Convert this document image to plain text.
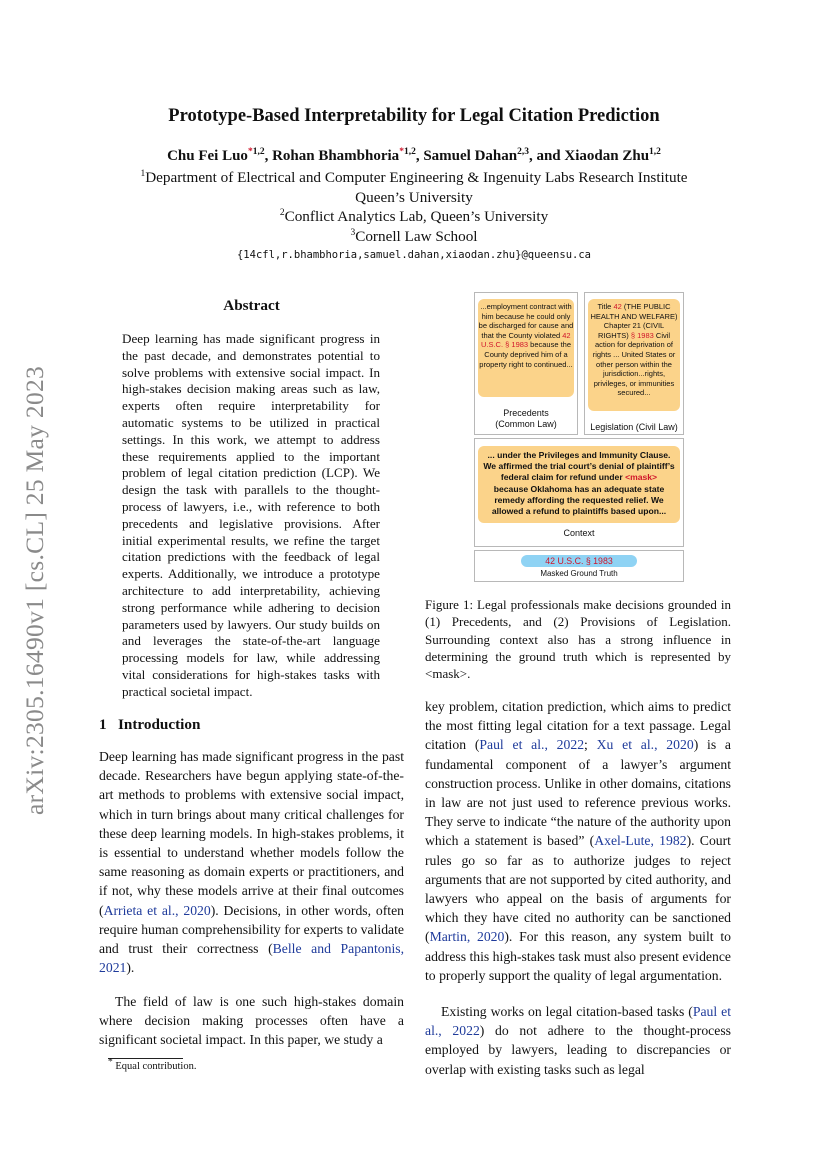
arXiv:2305.16490v1 [cs.CL] 25 May 2023
Prototype-Based Interpretability for Legal Citation Prediction
Chu Fei Luo$^{*1,2}$, Rohan Bhambhoria$^{*1,2}$, Samuel Dahan$^{2,3}$, and Xiaodan Zhu$^{1,2}$
$^1$Department of Electrical and Computer Engineering & Ingenuity Labs Research Institute
Queen’s University
$^2$Conflict Analytics Lab, Queen’s University
$^3$Cornell Law School
{14cfl,r.bhambhoria,samuel.dahan,xiaodan.zhu}@queensu.ca
Abstract
Deep learning has made significant progress in the past decade, and demonstrates potential to solve problems with extensive social impact. In high-stakes decision making areas such as law, experts often require interpretability for automatic systems to be utilized in practical settings. In this work, we attempt to address these requirements applied to the important problem of legal citation prediction (LCP). We design the task with parallels to the thought-process of lawyers, i.e., with reference to both precedents and legislative provisions. After initial experimental results, we refine the target citation predictions with the feedback of legal experts. Additionally, we introduce a prototype architecture to add interpretability, achieving strong performance while adhering to decision parameters used by lawyers. Our study builds on and leverages the state-of-the-art language processing models for law, while addressing vital considerations for high-stakes tasks with practical societal impact.
1 Introduction
Deep learning has made significant progress in the past decade. Researchers have begun applying state-of-the-art methods to problems with extensive social impact, which in turn brings about many critical challenges for these deep learning models. In high-stakes problems, it is essential to understand whether models follow the same reasoning as domain experts or practitioners, and if not, why these models arrive at their final outcomes (Arrieta et al., 2020). Decisions, in other words, often require human comprehensibility for experts to validate and trust their correctness (Belle and Papantonis, 2021).
The field of law is one such high-stakes domain where decision making processes often have a significant societal impact. In this paper, we study a
* Equal contribution.
...employment contract with him because he could only be discharged for cause and that the County violated 42 U.S.C. § 1983 because the County deprived him of a property right to continued...
Precedents
(Common Law)
Title 42 (THE PUBLIC HEALTH AND WELFARE) Chapter 21 (CIVIL RIGHTS) § 1983 Civil action for deprivation of rights ... United States or other person within the jurisdiction...rights, privileges, or immunities secured...
Legislation (Civil Law)
... under the Privileges and Immunity Clause. We affirmed the trial court’s denial of plaintiff’s federal claim for refund under <mask> because Oklahoma has an adequate state remedy affording the requested relief. We allowed a refund to plaintiffs based upon...
Context
42 U.S.C. § 1983
Masked Ground Truth
Figure 1: Legal professionals make decisions grounded in (1) Precedents, and (2) Provisions of Legislation. Surrounding context also has a strong influence in determining the ground truth which is represented by <mask>.
key problem, citation prediction, which aims to predict the most fitting legal citation for a text passage. Legal citation (Paul et al., 2022; Xu et al., 2020) is a fundamental component of a lawyer’s argument construction process. Unlike in other domains, citations in law are not just used to reference previous works. They serve to indicate “the nature of the authority upon which a statement is based” (Axel-Lute, 1982). Court rules go so far as to authorize judges to reject arguments that are not supported by cited authority, and lawyers who appeal on the basis of arguments for which they have cited no authority can be sanctioned (Martin, 2020). For this reason, any system built to address this high-stakes task must also present evidence to properly support the quality of legal argumentation.
Existing works on legal citation-based tasks (Paul et al., 2022) do not adhere to the thought-process employed by lawyers, leading to discrepancies or overlap with existing tasks such as legal
